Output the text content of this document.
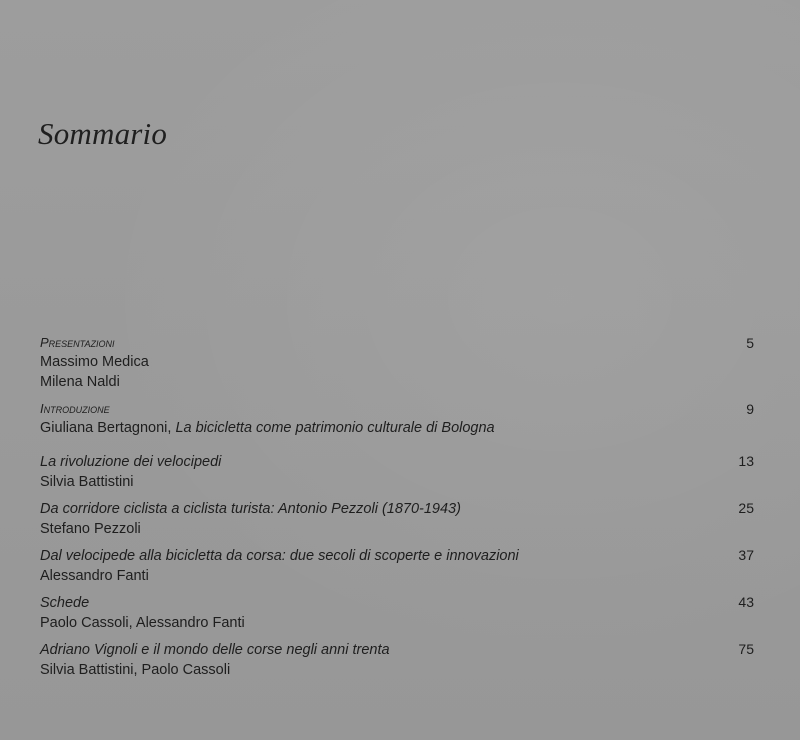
Sommario
Presentazioni
Massimo Medica
Milena Naldi
5
Introduzione
Giuliana Bertagnoni, La bicicletta come patrimonio culturale di Bologna
9
La rivoluzione dei velocipedi
Silvia Battistini
13
Da corridore ciclista a ciclista turista: Antonio Pezzoli (1870-1943)
Stefano Pezzoli
25
Dal velocipede alla bicicletta da corsa: due secoli di scoperte e innovazioni
Alessandro Fanti
37
Schede
Paolo Cassoli, Alessandro Fanti
43
Adriano Vignoli e il mondo delle corse negli anni trenta
Silvia Battistini, Paolo Cassoli
75
